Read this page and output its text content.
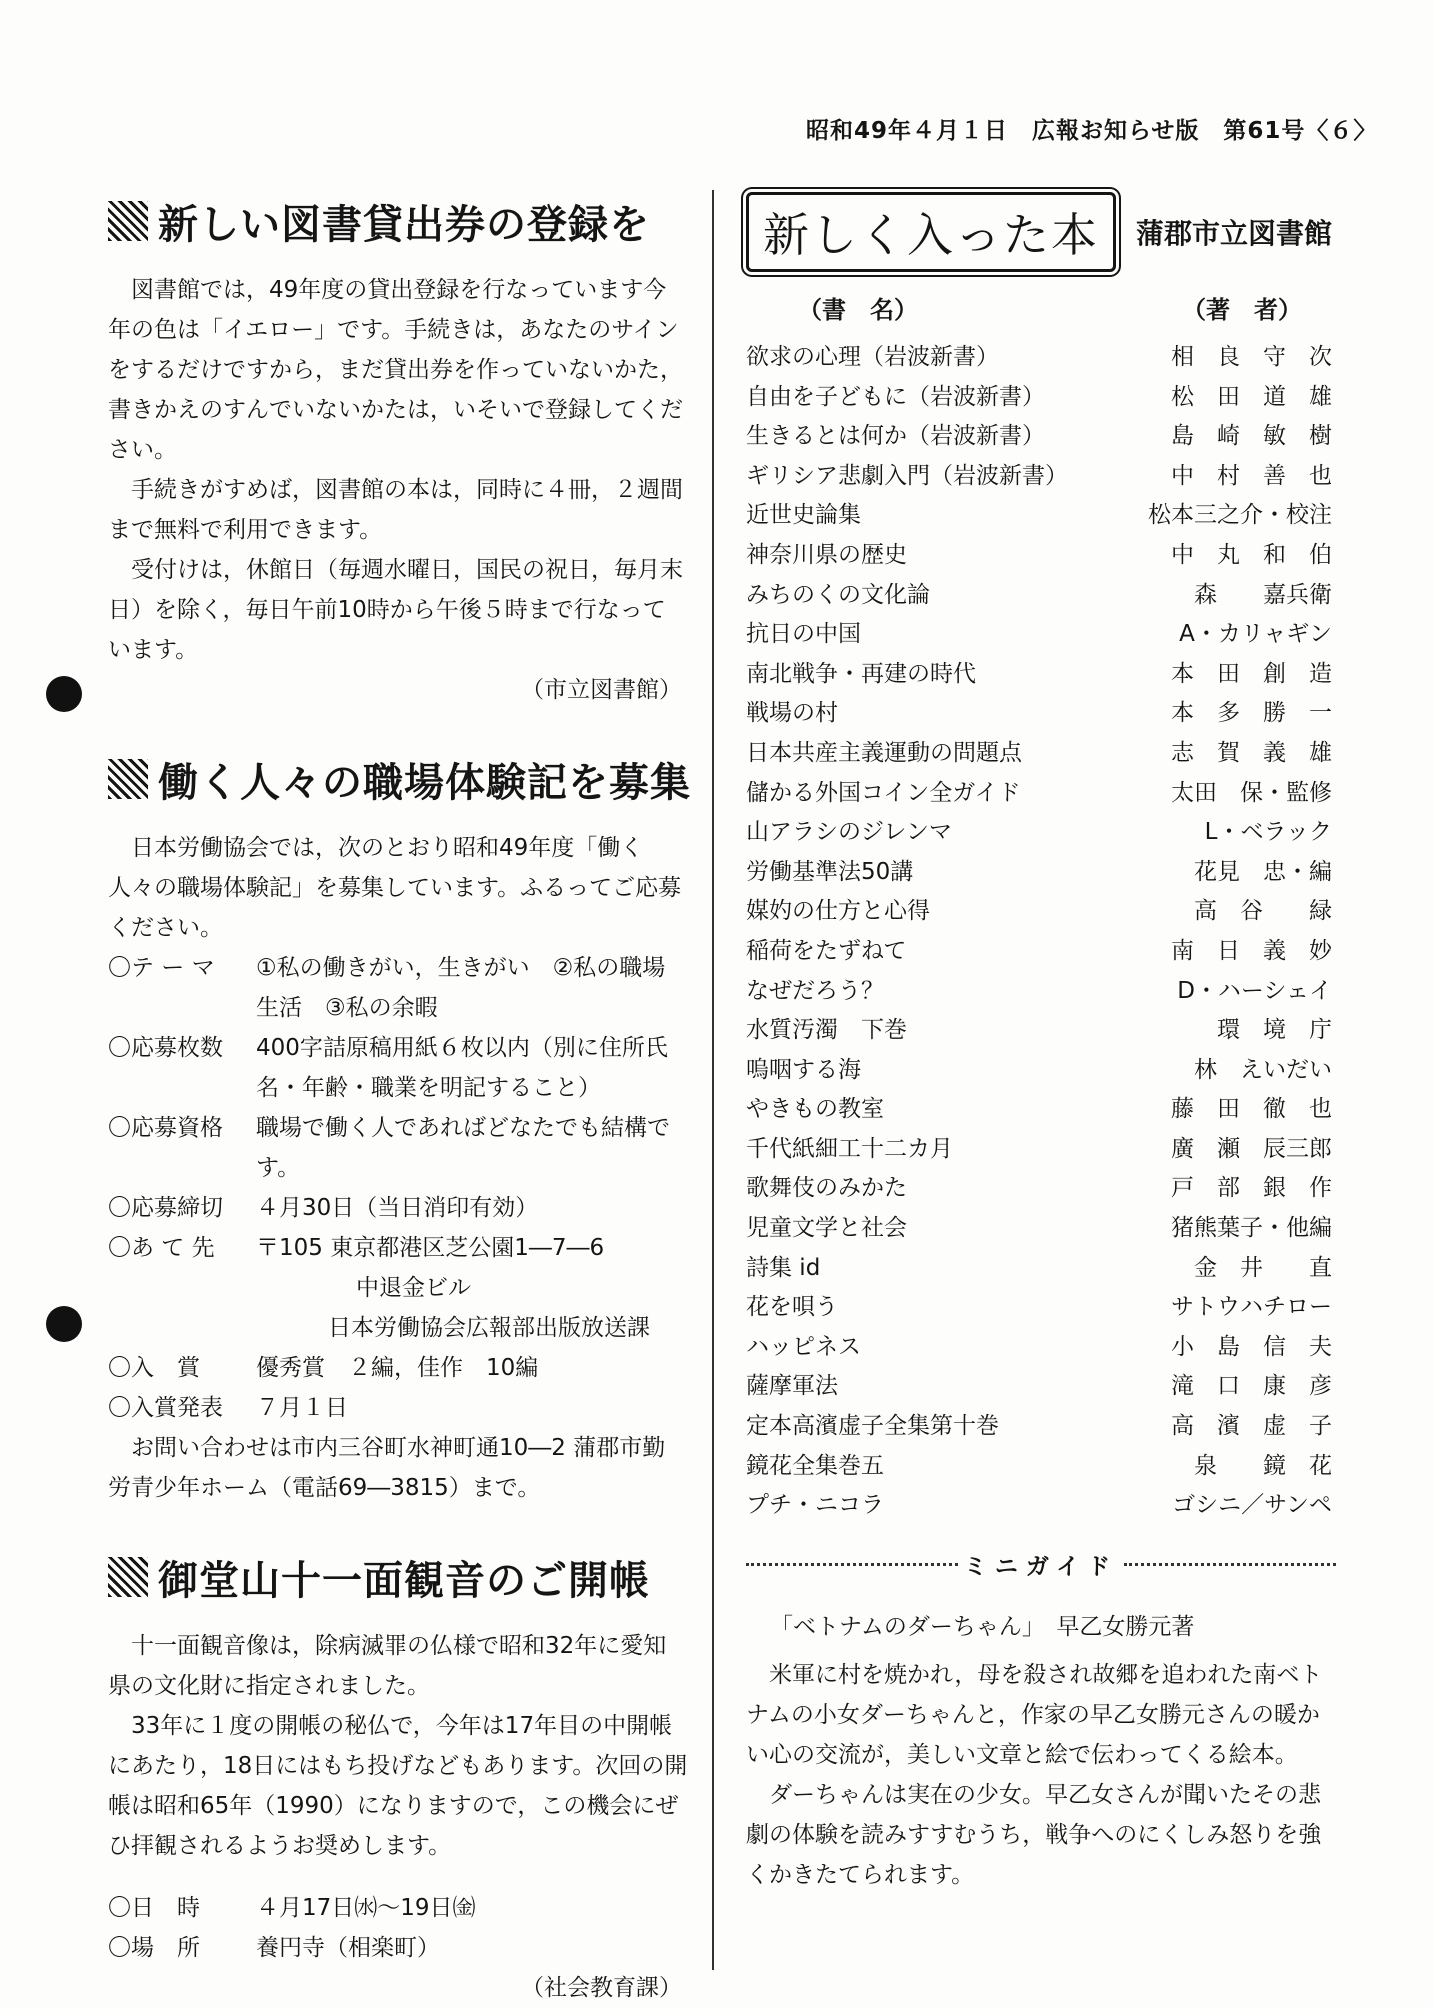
昭和49年４月１日　広報お知らせ版　第61号〈６〉
新しい図書貸出券の登録を

図書館では，49年度の貸出登録を行なっています今年の色は「イエロー」です。手続きは，あなたのサインをするだけですから，まだ貸出券を作っていないかた，書きかえのすんでいないかたは，いそいで登録してください。

手続きがすめば，図書館の本は，同時に４冊，２週間まで無料で利用できます。

受付けは，休館日（毎週水曜日，国民の祝日，毎月末日）を除く，毎日午前10時から午後５時まで行なっています。

（市立図書館）

働く人々の職場体験記を募集

日本労働協会では，次のとおり昭和49年度「働く人々の職場体験記」を募集しています。ふるってご応募ください。

〇テ ー マ	①私の働きがい，生きがい　②私の職場生活　③私の余暇
〇応募枚数	400字詰原稿用紙６枚以内（別に住所氏名・年齢・職業を明記すること）
〇応募資格	職場で働く人であればどなたでも結構です。
〇応募締切	４月30日（当日消印有効）
〇あ て 先	〒105 東京都港区芝公園1―7―6
中退金ビル
日本労働協会広報部出版放送課
〇入　賞	優秀賞　２編，佳作　10編
〇入賞発表	７月１日

お問い合わせは市内三谷町水神町通10―2 蒲郡市勤労青少年ホーム（電話69―3815）まで。

御堂山十一面観音のご開帳

十一面観音像は，除病滅罪の仏様で昭和32年に愛知県の文化財に指定されました。

33年に１度の開帳の秘仏で，今年は17年目の中開帳にあたり，18日にはもち投げなどもあります。次回の開帳は昭和65年（1990）になりますので，この機会にぜひ拝観されるようお奨めします。

〇日　時	４月17日㈬〜19日㈮
〇場　所	養円寺（相楽町）

（社会教育課）

新しく入った本	蒲郡市立図書館
（書　名）	（著　者）
欲求の心理（岩波新書）	相　良　守　次
自由を子どもに（岩波新書）	松　田　道　雄
生きるとは何か（岩波新書）	島　崎　敏　樹
ギリシア悲劇入門（岩波新書）	中　村　善　也
近世史論集	松本三之介・校注
神奈川県の歴史	中　丸　和　伯
みちのくの文化論	森　　嘉兵衛
抗日の中国	A・カリャギン
南北戦争・再建の時代	本　田　創　造
戦場の村	本　多　勝　一
日本共産主義運動の問題点	志　賀　義　雄
儲かる外国コイン全ガイド	太田　保・監修
山アラシのジレンマ	L・ベラック
労働基準法50講	花見　忠・編
媒妁の仕方と心得	高　谷　　緑
稲荷をたずねて	南　日　義　妙
なぜだろう？	D・ハーシェイ
水質汚濁　下巻	環　境　庁
嗚咽する海	林　えいだい
やきもの教室	藤　田　徹　也
千代紙細工十二カ月	廣　瀬　辰三郎
歌舞伎のみかた	戸　部　銀　作
児童文学と社会	猪熊葉子・他編
詩集 id	金　井　　直
花を唄う	サトウハチロー
ハッピネス	小　島　信　夫
薩摩軍法	滝　口　康　彦
定本高濱虚子全集第十巻	高　濱　虚　子
鏡花全集巻五	泉　　鏡　花
プチ・ニコラ	ゴシニ／サンペ
ミニガイド
「ベトナムのダーちゃん」　早乙女勝元著

米軍に村を焼かれ，母を殺され故郷を追われた南ベトナムの小女ダーちゃんと，作家の早乙女勝元さんの暖かい心の交流が，美しい文章と絵で伝わってくる絵本。

ダーちゃんは実在の少女。早乙女さんが聞いたその悲劇の体験を読みすすむうち，戦争へのにくしみ怒りを強くかきたてられます。
